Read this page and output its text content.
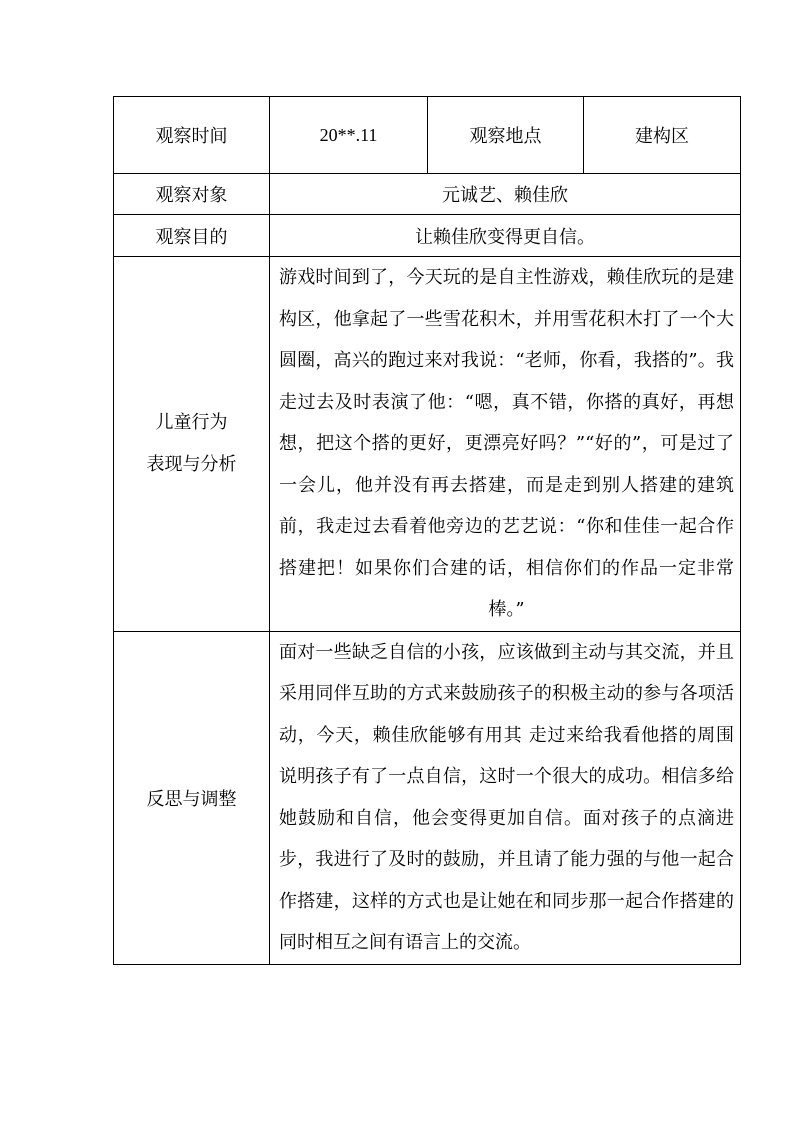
观察时间	20**.11	观察地点	建构区
观察对象	元诚艺、赖佳欣		
观察目的	让赖佳欣变得更自信。		

儿童行为
表现与分析	游戏时间到了，今天玩的是自主性游戏，赖佳欣玩的是建构区，他拿起了一些雪花积木，并用雪花积木打了一个大圆圈，高兴的跑过来对我说：“老师，你看，我搭的”。我走过去及时表演了他：“嗯，真不错，你搭的真好，再想想，把这个搭的更好，更漂亮好吗？”“好的”，可是过了一会儿，他并没有再去搭建，而是走到别人搭建的建筑前，我走过去看着他旁边的艺艺说：“你和佳佳一起合作搭建把！如果你们合建的话，相信你们的作品一定非常棒。”		

反思与调整	面对一些缺乏自信的小孩，应该做到主动与其交流，并且采用同伴互助的方式来鼓励孩子的积极主动的参与各项活动，今天，赖佳欣能够有用其 走过来给我看他搭的周围说明孩子有了一点自信，这时一个很大的成功。相信多给她鼓励和自信，他会变得更加自信。面对孩子的点滴进步，我进行了及时的鼓励，并且请了能力强的与他一起合作搭建，这样的方式也是让她在和同步那一起合作搭建的同时相互之间有语言上的交流。		
